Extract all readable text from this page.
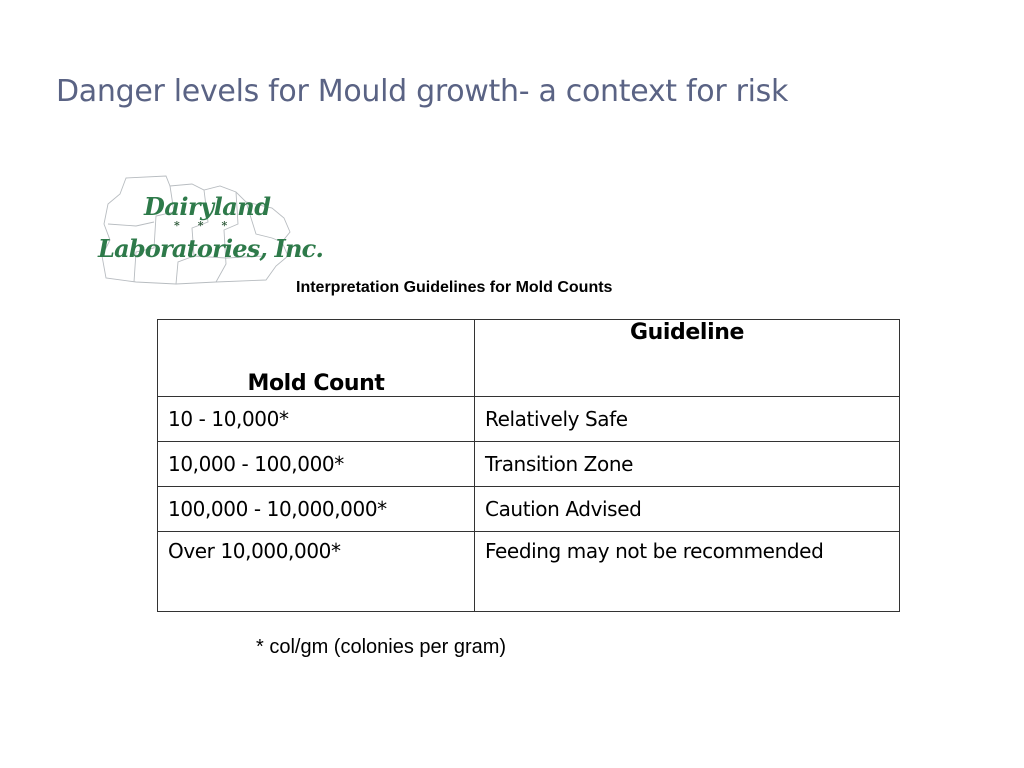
Danger levels for Mould growth- a context for risk
Dairyland
***
Laboratories, Inc.
Interpretation Guidelines for Mold Counts
Mold Count	Guideline
10 - 10,000*	Relatively Safe
10,000 - 100,000*	Transition Zone
100,000 - 10,000,000*	Caution Advised
Over 10,000,000*	Feeding may not be recommended
* col/gm (colonies per gram)
